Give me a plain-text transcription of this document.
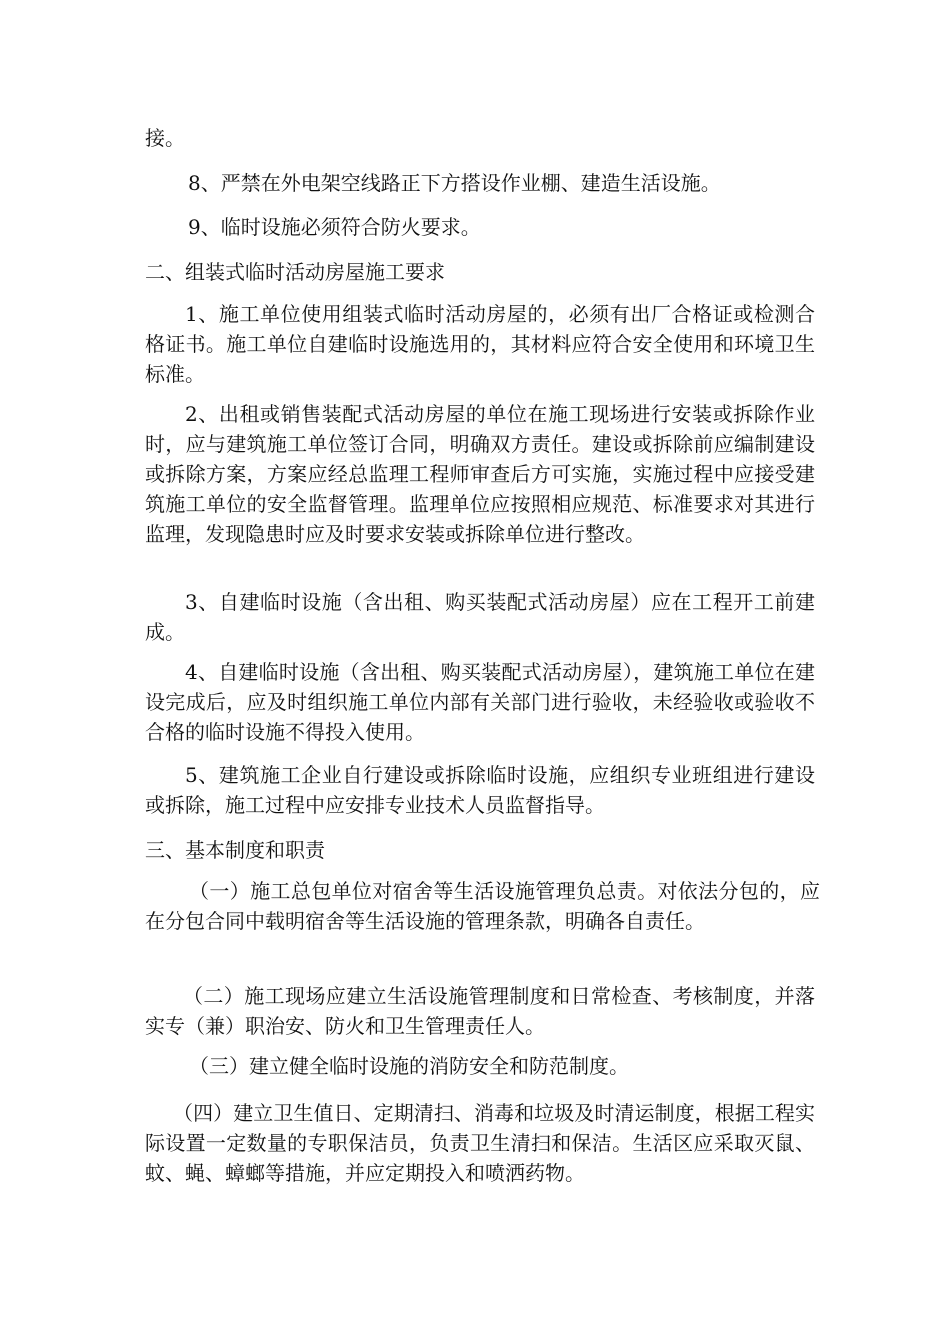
接。

8、严禁在外电架空线路正下方搭设作业棚、建造生活设施。

9、临时设施必须符合防火要求。

二、组装式临时活动房屋施工要求

1、施工单位使用组装式临时活动房屋的，必须有出厂合格证或检测合格证书。施工单位自建临时设施选用的，其材料应符合安全使用和环境卫生标准。

2、出租或销售装配式活动房屋的单位在施工现场进行安装或拆除作业时，应与建筑施工单位签订合同，明确双方责任。建设或拆除前应编制建设或拆除方案，方案应经总监理工程师审查后方可实施，实施过程中应接受建筑施工单位的安全监督管理。监理单位应按照相应规范、标准要求对其进行监理，发现隐患时应及时要求安装或拆除单位进行整改。

3、自建临时设施（含出租、购买装配式活动房屋）应在工程开工前建成。

4、自建临时设施（含出租、购买装配式活动房屋），建筑施工单位在建设完成后，应及时组织施工单位内部有关部门进行验收，未经验收或验收不合格的临时设施不得投入使用。

5、建筑施工企业自行建设或拆除临时设施，应组织专业班组进行建设或拆除，施工过程中应安排专业技术人员监督指导。

三、基本制度和职责

（一）施工总包单位对宿舍等生活设施管理负总责。对依法分包的，应在分包合同中载明宿舍等生活设施的管理条款，明确各自责任。

（二）施工现场应建立生活设施管理制度和日常检查、考核制度，并落实专（兼）职治安、防火和卫生管理责任人。

（三）建立健全临时设施的消防安全和防范制度。

（四）建立卫生值日、定期清扫、消毒和垃圾及时清运制度，根据工程实际设置一定数量的专职保洁员，负责卫生清扫和保洁。生活区应采取灭鼠、蚊、蝇、蟑螂等措施，并应定期投入和喷洒药物。
